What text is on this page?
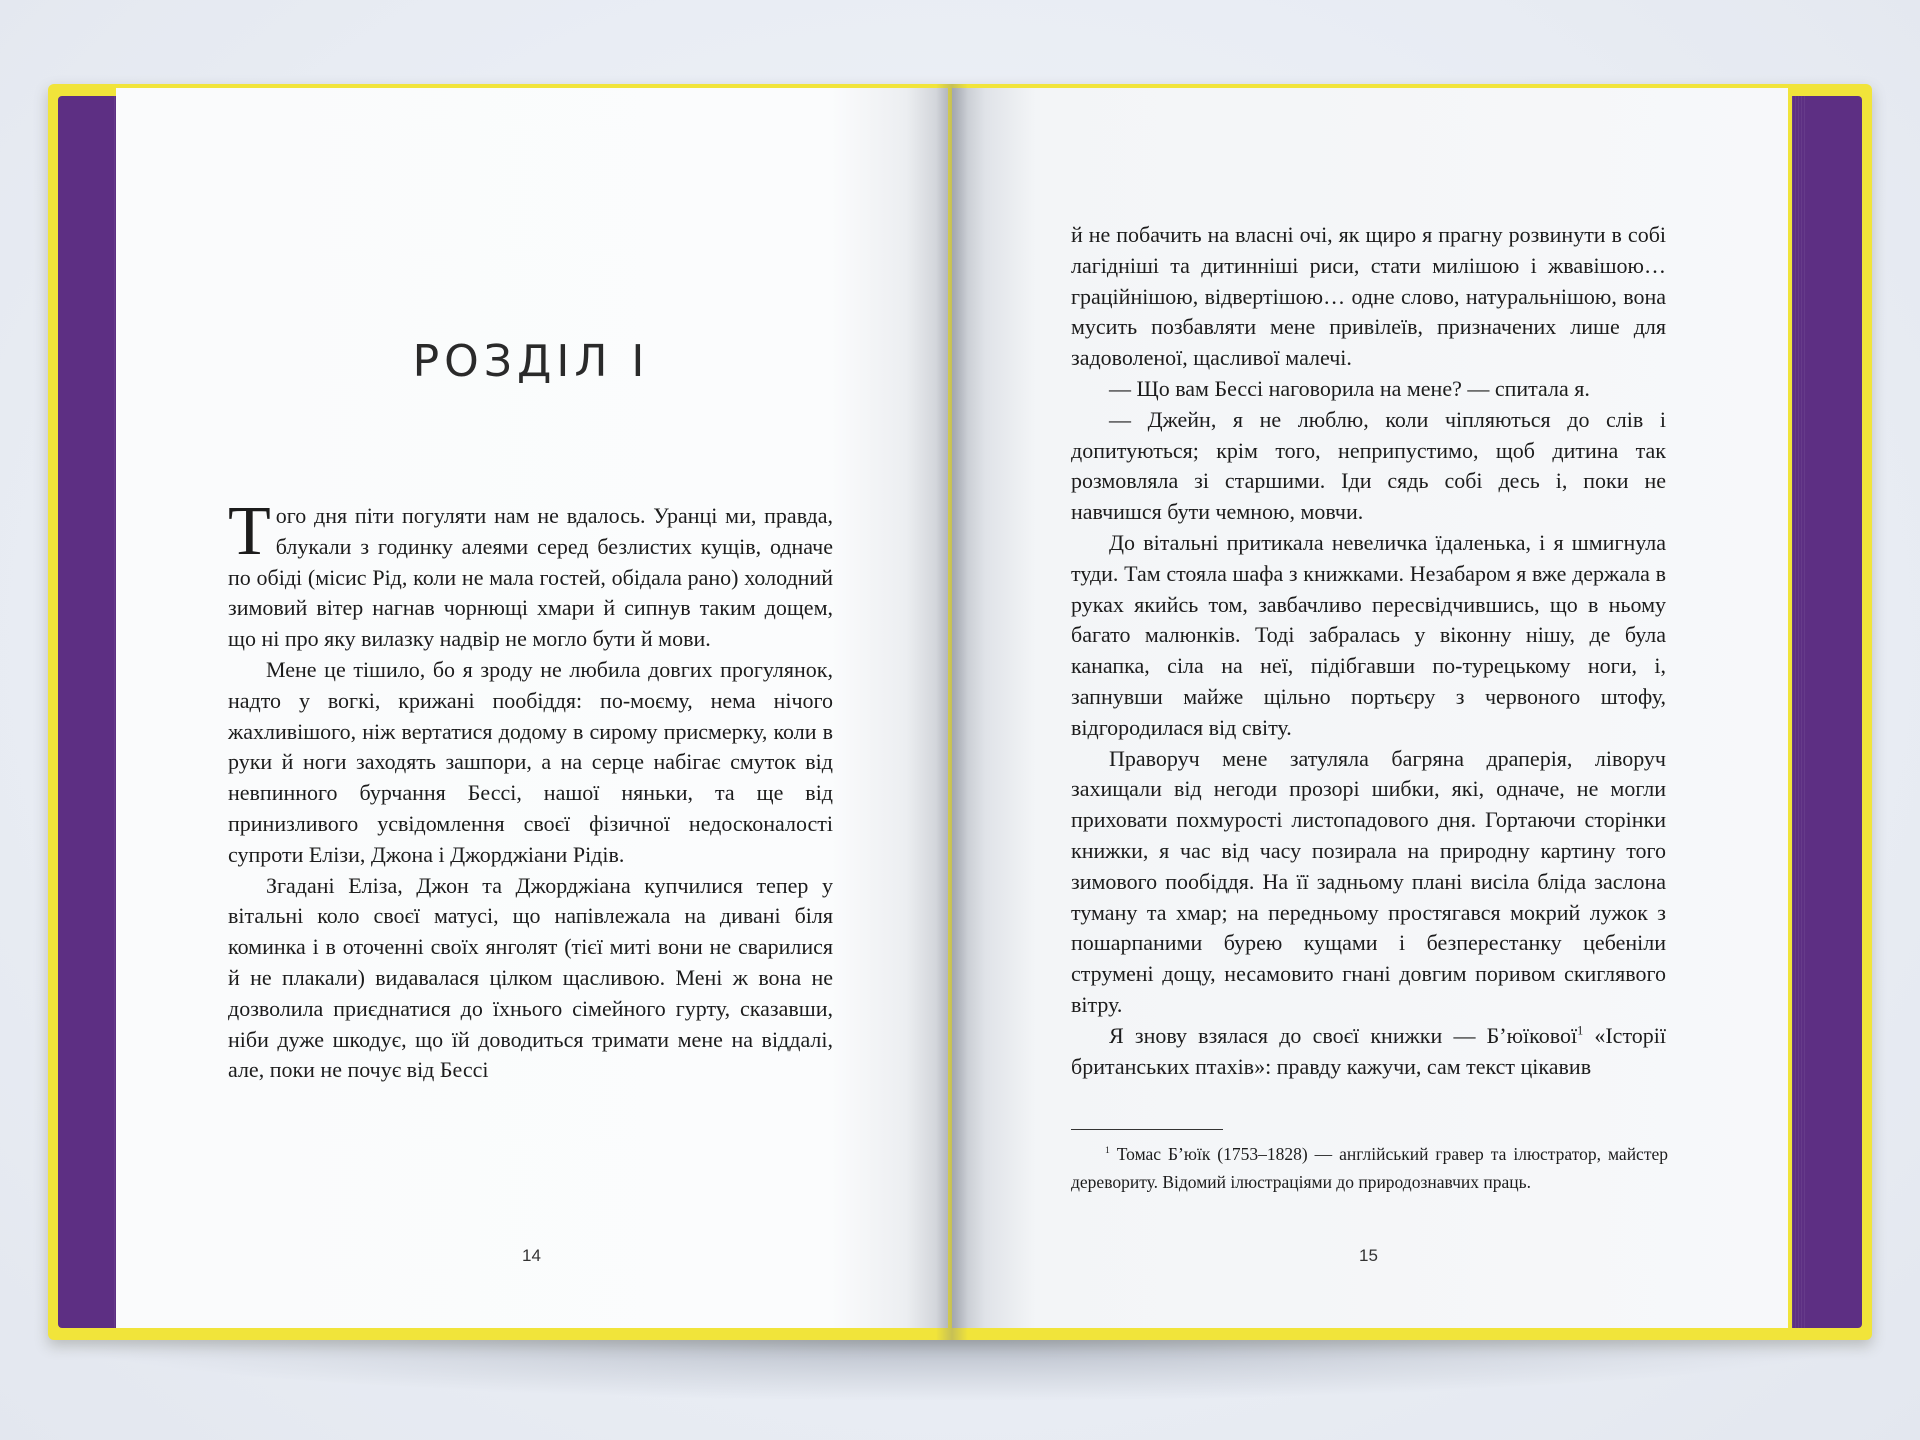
РОЗДІЛ І

Того дня піти погуляти нам не вдалось. Уранці ми, правда, блукали з годинку алеями серед безлистих кущів, одначе по обіді (місис Рід, коли не мала гостей, обідала рано) холодний зимовий вітер нагнав чорнющі хмари й сипнув таким дощем, що ні про яку вилазку надвір не могло бути й мови.

Мене це тішило, бо я зроду не любила довгих прогулянок, надто у вогкі, крижані пообіддя: по-моєму, нема нічого жахливішого, ніж вертатися додому в сиромy присмерку, коли в руки й ноги заходять зашпори, а на серце набігає смуток від невпинного бурчання Бессі, нашої няньки, та ще від принизливого усвідомлення своєї фізичної недосконалості супроти Елізи, Джона і Джорджіани Рідів.

Згадані Еліза, Джон та Джорджіана купчилися тепер у вітальні коло своєї матусі, що напівлежала на дивані біля коминка і в оточенні своїх янголят (тієї миті вони не сварилися й не плакали) видавалася цілком щасливою. Мені ж вона не дозволила приєднатися до їхнього сімейного гурту, сказавши, ніби дуже шкодує, що їй доводиться тримати мене на віддалі, але, поки не почує від Бессі

14

й не побачить на власні очі, як щиро я прагну розвинути в собі лагідніші та дитинніші риси, стати милішою і жвавішою… граційнішою, відвертішою… одне слово, натуральнішою, вона мусить позбавляти мене привілеїв, призначених лише для задоволеної, щасливої малечі.

— Що вам Бессі наговорила на мене? — спитала я.

— Джейн, я не люблю, коли чіпляються до слів і допитуються; крім того, неприпустимо, щоб дитина так розмовляла зі старшими. Іди сядь собі десь і, поки не навчишся бути чемною, мовчи.

До вітальні притикала невеличка їдаленька, і я шмигнула туди. Там стояла шафа з книжками. Незабаром я вже держала в руках якийсь том, завбачливо пересвідчившись, що в ньому багато малюнків. Тоді забралась у віконну нішу, де була канапка, сіла на неї, підібгавши по-турецькому ноги, і, запнувши майже щільно портьєру з червоного штофу, відгородилася від світу.

Праворуч мене затуляла багряна драперія, ліворуч захищали від негоди прозорі шибки, які, одначе, не могли приховати похмурості листопадового дня. Гортаючи сторінки книжки, я час від часу позирала на природну картину того зимового пообіддя. На її задньому плані висіла бліда заслона туману та хмар; на передньому простягався мокрий лужок з пошарпаними бурею кущами і безперестанку цебеніли струмені дощу, несамовито гнані довгим поривом скиглявого вітру.

Я знову взялася до своєї книжки — Б’юїкової$^1$ «Історії британських птахів»: правду кажучи, сам текст цікавив

$^1$ Томас Б’юїк (1753–1828) — англійський гравер та ілюстратор, майстер деревориту. Відомий ілюстраціями до природознавчих праць.

15
